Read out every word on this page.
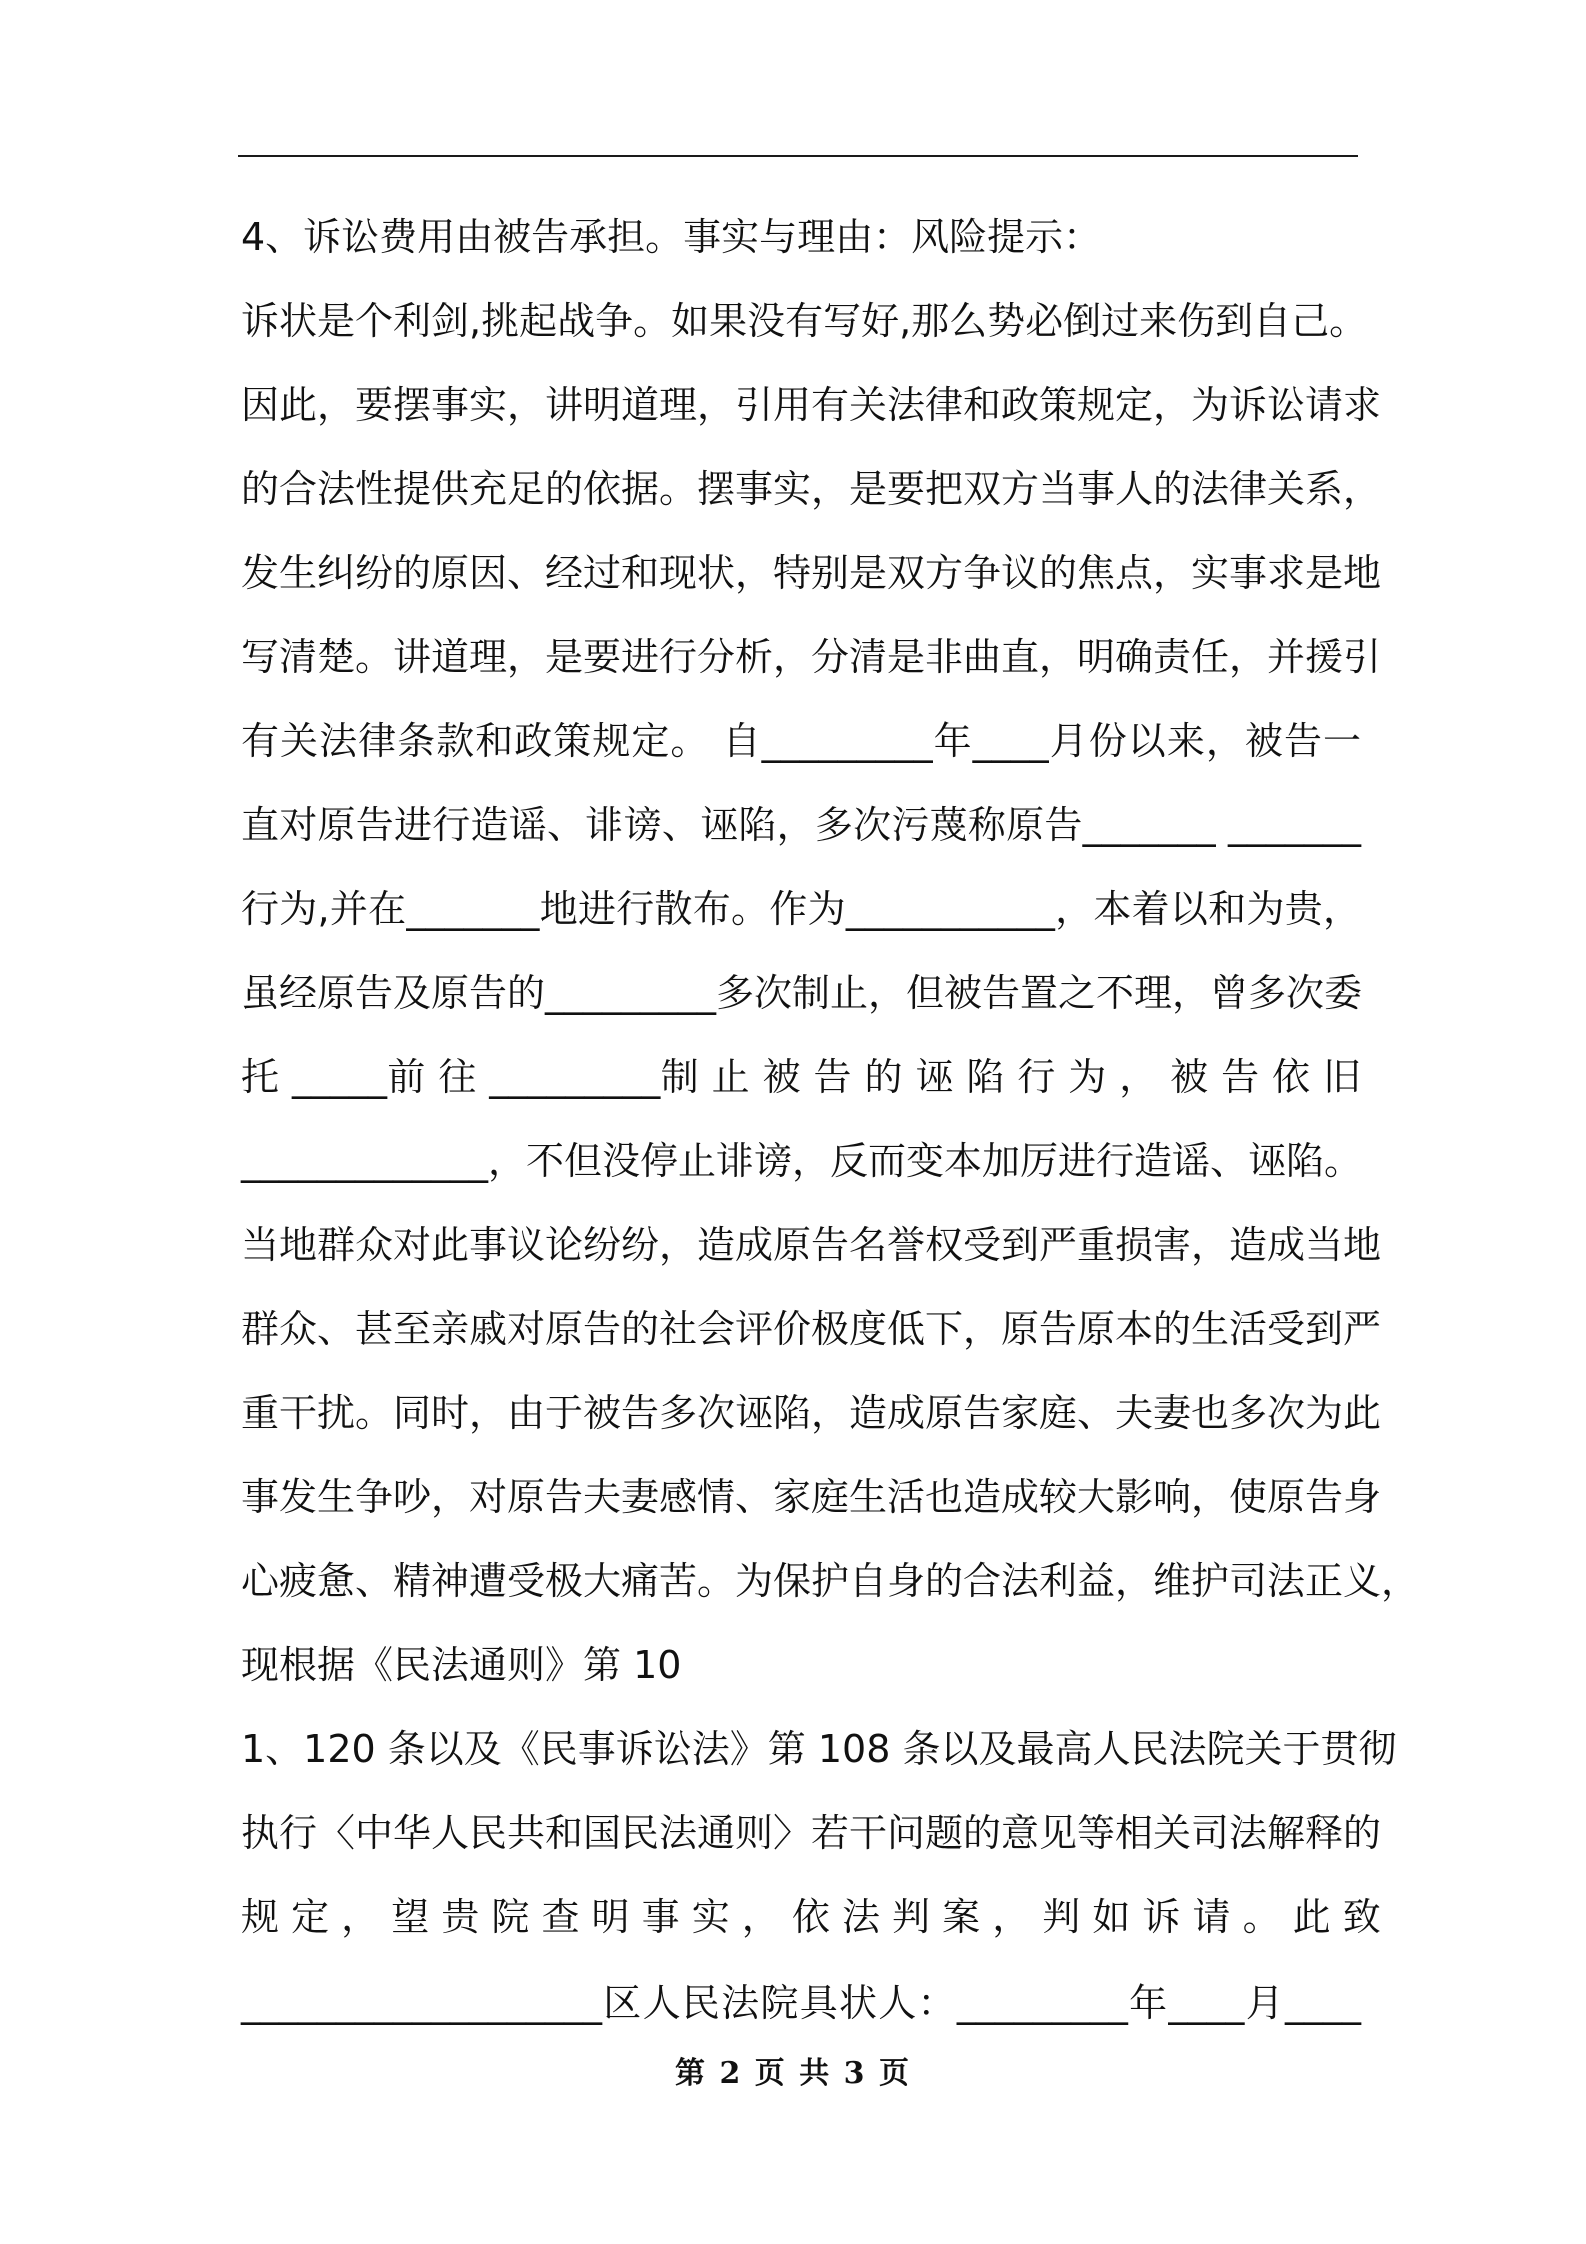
4、诉讼费用由被告承担。事实与理由：风险提示：
诉状是个利剑,挑起战争。如果没有写好,那么势必倒过来伤到自己。
因此，要摆事实，讲明道理，引用有关法律和政策规定，为诉讼请求
的合法性提供充足的依据。摆事实，是要把双方当事人的法律关系，
发生纠纷的原因、经过和现状，特别是双方争议的焦点，实事求是地
写清楚。讲道理，是要进行分析，分清是非曲直，明确责任，并援引
有关法律条款和政策规定。 自_________年____月份以来，被告一
直对原告进行造谣、诽谤、诬陷，多次污蔑称原告_______ _______
行为,并在_______地进行散布。作为___________，本着以和为贵，
虽经原告及原告的_________多次制止，但被告置之不理，曾多次委
托 _____前 往 _________制 止 被 告 的 诬 陷 行 为 ， 被 告 依 旧
_____________，不但没停止诽谤，反而变本加厉进行造谣、诬陷。
当地群众对此事议论纷纷，造成原告名誉权受到严重损害，造成当地
群众、甚至亲戚对原告的社会评价极度低下，原告原本的生活受到严
重干扰。同时，由于被告多次诬陷，造成原告家庭、夫妻也多次为此
事发生争吵，对原告夫妻感情、家庭生活也造成较大影响，使原告身
心疲惫、精神遭受极大痛苦。为保护自身的合法利益，维护司法正义，
现根据《民法通则》第 10
1、120 条以及《民事诉讼法》第 108 条以及最高人民法院关于贯彻
执行〈中华人民共和国民法通则〉若干问题的意见等相关司法解释的
规 定 ， 望 贵 院 查 明 事 实 ， 依 法 判 案 ， 判 如 诉 请 。 此 致
___________________区人民法院具状人：_________年____月____
第 2 页 共 3 页
